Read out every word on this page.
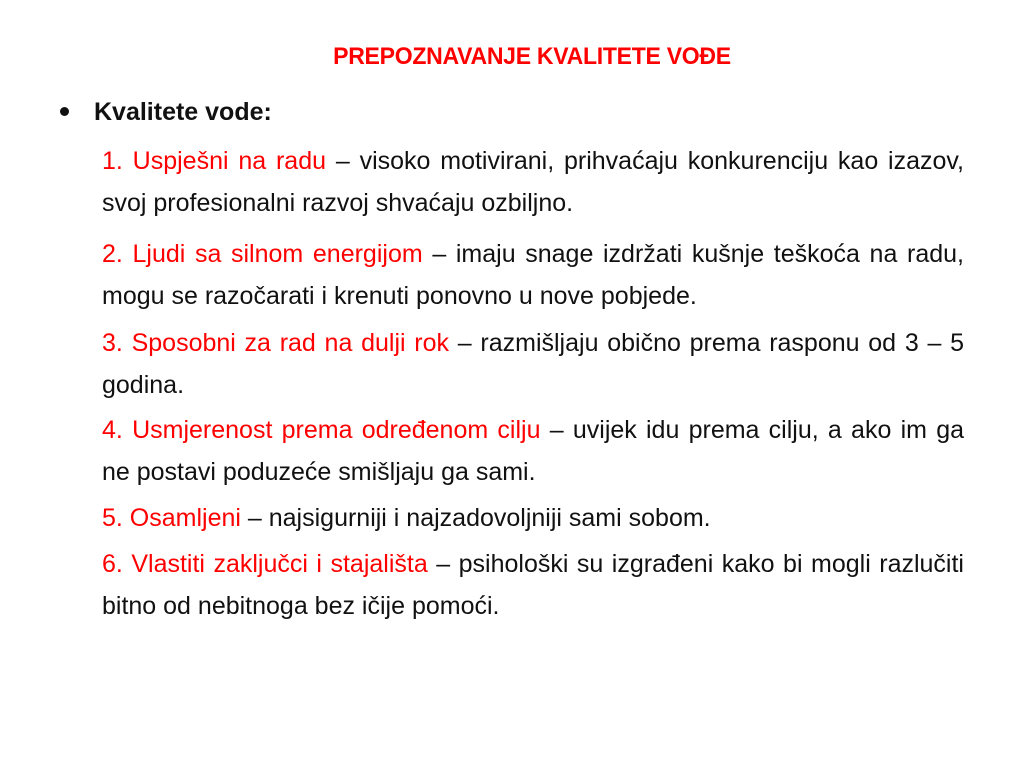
PREPOZNAVANJE KVALITETE VOĐE
Kvalitete vode:

1. Uspješni na radu – visoko motivirani, prihvaćaju konkurenciju kao izazov, svoj profesionalni razvoj shvaćaju ozbiljno.

2. Ljudi sa silnom energijom – imaju snage izdržati kušnje teškoća na radu, mogu se razočarati i krenuti ponovno u nove pobjede.

3. Sposobni za rad na dulji rok – razmišljaju obično prema rasponu od 3 – 5 godina.

4. Usmjerenost prema određenom cilju – uvijek idu prema cilju, a ako im ga ne postavi poduzeće smišljaju ga sami.

5. Osamljeni – najsigurniji i najzadovoljniji sami sobom.

6. Vlastiti zaključci i stajališta – psihološki su izgrađeni kako bi mogli razlučiti bitno od nebitnoga bez ičije pomoći.
